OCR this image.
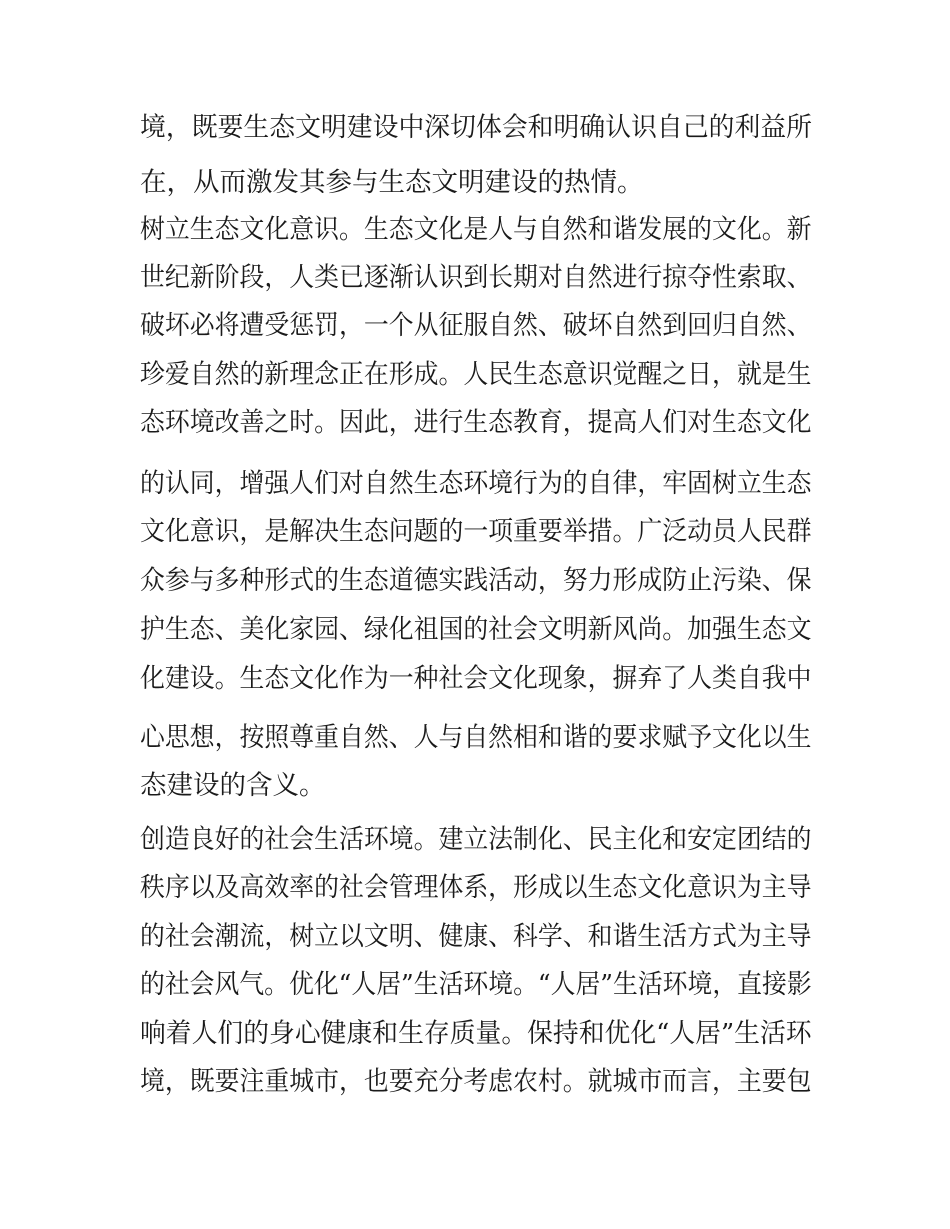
境，既要生态文明建设中深切体会和明确认识自己的利益所
在，从而激发其参与生态文明建设的热情。
树立生态文化意识。生态文化是人与自然和谐发展的文化。新
世纪新阶段，人类已逐渐认识到长期对自然进行掠夺性索取、
破坏必将遭受惩罚，一个从征服自然、破坏自然到回归自然、
珍爱自然的新理念正在形成。人民生态意识觉醒之日，就是生
态环境改善之时。因此，进行生态教育，提高人们对生态文化
的认同，增强人们对自然生态环境行为的自律，牢固树立生态
文化意识，是解决生态问题的一项重要举措。广泛动员人民群
众参与多种形式的生态道德实践活动，努力形成防止污染、保
护生态、美化家园、绿化祖国的社会文明新风尚。加强生态文
化建设。生态文化作为一种社会文化现象，摒弃了人类自我中
心思想，按照尊重自然、人与自然相和谐的要求赋予文化以生
态建设的含义。
创造良好的社会生活环境。建立法制化、民主化和安定团结的
秩序以及高效率的社会管理体系，形成以生态文化意识为主导
的社会潮流，树立以文明、健康、科学、和谐生活方式为主导
的社会风气。优化“人居”生活环境。“人居”生活环境，直接影
响着人们的身心健康和生存质量。保持和优化“人居”生活环
境，既要注重城市，也要充分考虑农村。就城市而言，主要包
